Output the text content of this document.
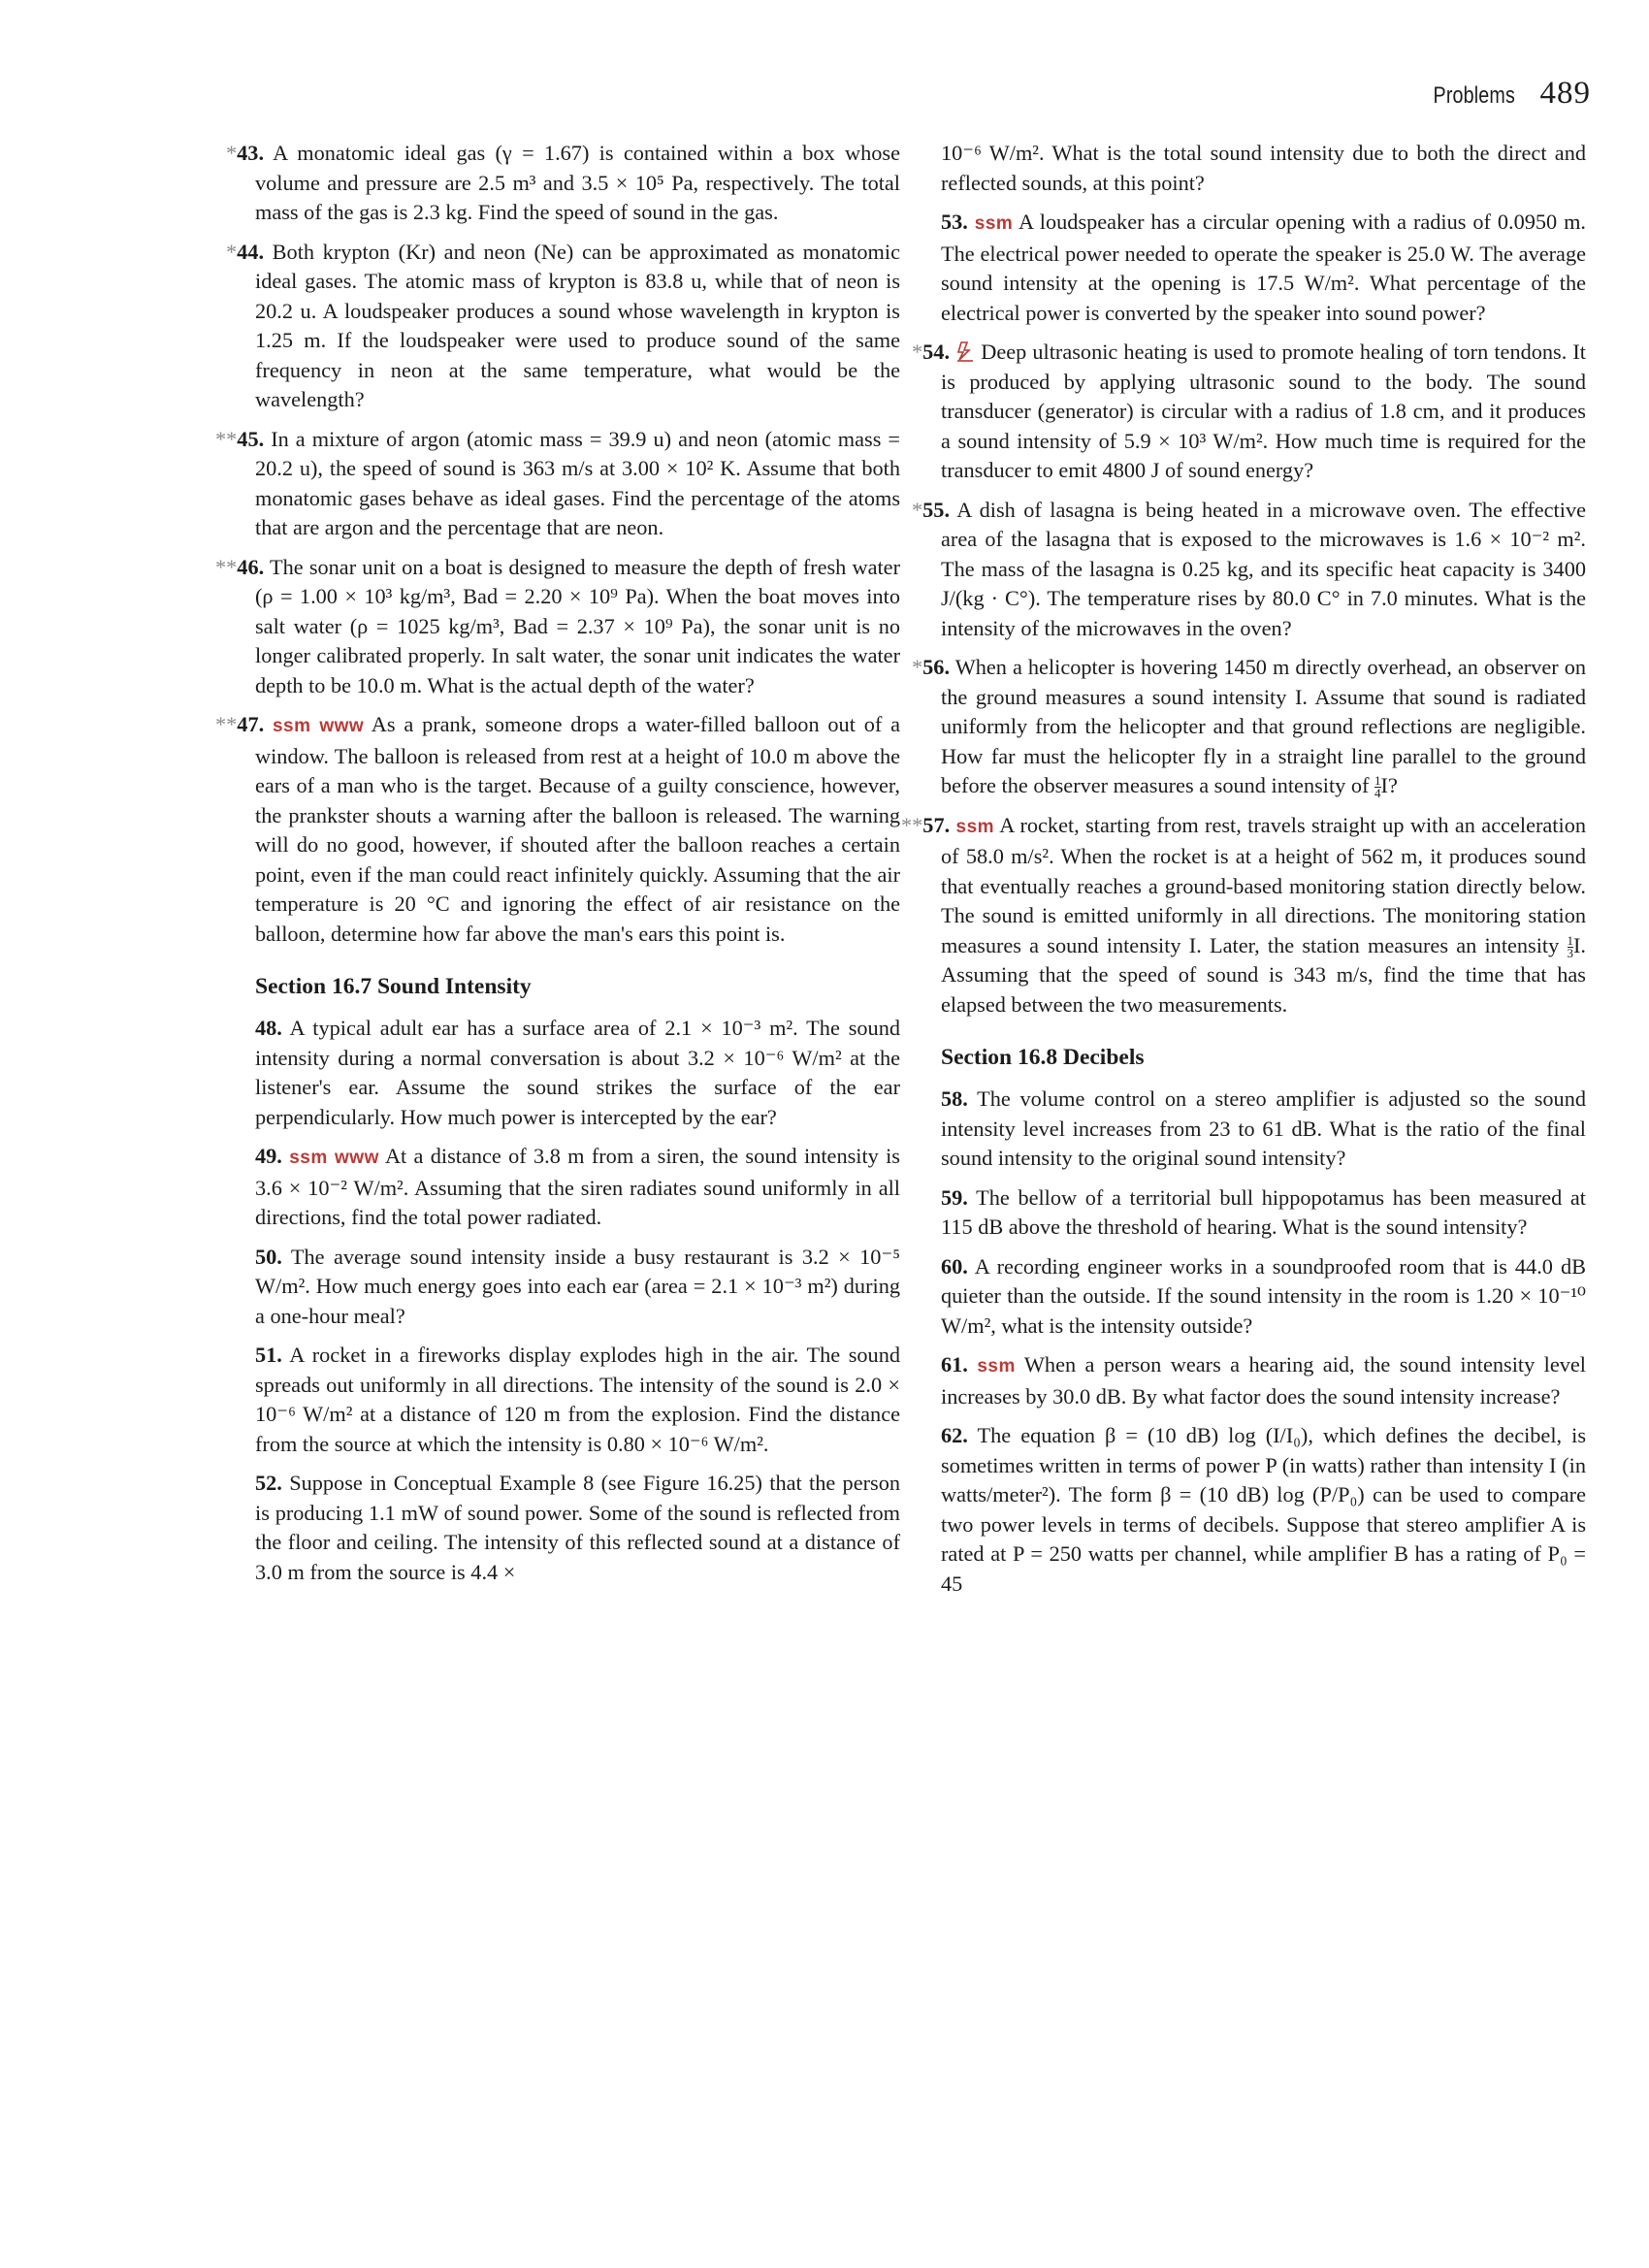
Problems 489

*43. A monatomic ideal gas (γ = 1.67) is contained within a box whose volume and pressure are 2.5 m³ and 3.5 × 10⁵ Pa, respectively. The total mass of the gas is 2.3 kg. Find the speed of sound in the gas.

*44. Both krypton (Kr) and neon (Ne) can be approximated as monatomic ideal gases. The atomic mass of krypton is 83.8 u, while that of neon is 20.2 u. A loudspeaker produces a sound whose wavelength in krypton is 1.25 m. If the loudspeaker were used to produce sound of the same frequency in neon at the same temperature, what would be the wavelength?

**45. In a mixture of argon (atomic mass = 39.9 u) and neon (atomic mass = 20.2 u), the speed of sound is 363 m/s at 3.00 × 10² K. Assume that both monatomic gases behave as ideal gases. Find the percentage of the atoms that are argon and the percentage that are neon.

**46. The sonar unit on a boat is designed to measure the depth of fresh water (ρ = 1.00 × 10³ kg/m³, Bad = 2.20 × 10⁹ Pa). When the boat moves into salt water (ρ = 1025 kg/m³, Bad = 2.37 × 10⁹ Pa), the sonar unit is no longer calibrated properly. In salt water, the sonar unit indicates the water depth to be 10.0 m. What is the actual depth of the water?

**47. ssm www As a prank, someone drops a water-filled balloon out of a window. The balloon is released from rest at a height of 10.0 m above the ears of a man who is the target. Because of a guilty conscience, however, the prankster shouts a warning after the balloon is released. The warning will do no good, however, if shouted after the balloon reaches a certain point, even if the man could react infinitely quickly. Assuming that the air temperature is 20 °C and ignoring the effect of air resistance on the balloon, determine how far above the man's ears this point is.

Section 16.7 Sound Intensity

48. A typical adult ear has a surface area of 2.1 × 10⁻³ m². The sound intensity during a normal conversation is about 3.2 × 10⁻⁶ W/m² at the listener's ear. Assume the sound strikes the surface of the ear perpendicularly. How much power is intercepted by the ear?

49. ssm www At a distance of 3.8 m from a siren, the sound intensity is 3.6 × 10⁻² W/m². Assuming that the siren radiates sound uniformly in all directions, find the total power radiated.

50. The average sound intensity inside a busy restaurant is 3.2 × 10⁻⁵ W/m². How much energy goes into each ear (area = 2.1 × 10⁻³ m²) during a one-hour meal?

51. A rocket in a fireworks display explodes high in the air. The sound spreads out uniformly in all directions. The intensity of the sound is 2.0 × 10⁻⁶ W/m² at a distance of 120 m from the explosion. Find the distance from the source at which the intensity is 0.80 × 10⁻⁶ W/m².

52. Suppose in Conceptual Example 8 (see Figure 16.25) that the person is producing 1.1 mW of sound power. Some of the sound is reflected from the floor and ceiling. The intensity of this reflected sound at a distance of 3.0 m from the source is 4.4 ×

10⁻⁶ W/m². What is the total sound intensity due to both the direct and reflected sounds, at this point?

53. ssm A loudspeaker has a circular opening with a radius of 0.0950 m. The electrical power needed to operate the speaker is 25.0 W. The average sound intensity at the opening is 17.5 W/m². What percentage of the electrical power is converted by the speaker into sound power?

*54. Deep ultrasonic heating is used to promote healing of torn tendons. It is produced by applying ultrasonic sound to the body. The sound transducer (generator) is circular with a radius of 1.8 cm, and it produces a sound intensity of 5.9 × 10³ W/m². How much time is required for the transducer to emit 4800 J of sound energy?

*55. A dish of lasagna is being heated in a microwave oven. The effective area of the lasagna that is exposed to the microwaves is 1.6 × 10⁻² m². The mass of the lasagna is 0.25 kg, and its specific heat capacity is 3400 J/(kg · C°). The temperature rises by 80.0 C° in 7.0 minutes. What is the intensity of the microwaves in the oven?

*56. When a helicopter is hovering 1450 m directly overhead, an observer on the ground measures a sound intensity I. Assume that sound is radiated uniformly from the helicopter and that ground reflections are negligible. How far must the helicopter fly in a straight line parallel to the ground before the observer measures a sound intensity of $\frac{1}{4} I$?

**57. ssm A rocket, starting from rest, travels straight up with an acceleration of 58.0 m/s². When the rocket is at a height of 562 m, it produces sound that eventually reaches a ground-based monitoring station directly below. The sound is emitted uniformly in all directions. The monitoring station measures a sound intensity I. Later, the station measures an intensity $\frac{1}{3} I$. Assuming that the speed of sound is 343 m/s, find the time that has elapsed between the two measurements.

Section 16.8 Decibels

58. The volume control on a stereo amplifier is adjusted so the sound intensity level increases from 23 to 61 dB. What is the ratio of the final sound intensity to the original sound intensity?

59. The bellow of a territorial bull hippopotamus has been measured at 115 dB above the threshold of hearing. What is the sound intensity?

60. A recording engineer works in a soundproofed room that is 44.0 dB quieter than the outside. If the sound intensity in the room is 1.20 × 10⁻¹⁰ W/m², what is the intensity outside?

61. ssm When a person wears a hearing aid, the sound intensity level increases by 30.0 dB. By what factor does the sound intensity increase?

62. The equation β = (10 dB) log (I/I₀), which defines the decibel, is sometimes written in terms of power P (in watts) rather than intensity I (in watts/meter²). The form β = (10 dB) log (P/P₀) can be used to compare two power levels in terms of decibels. Suppose that stereo amplifier A is rated at P = 250 watts per channel, while amplifier B has a rating of P₀ = 45
